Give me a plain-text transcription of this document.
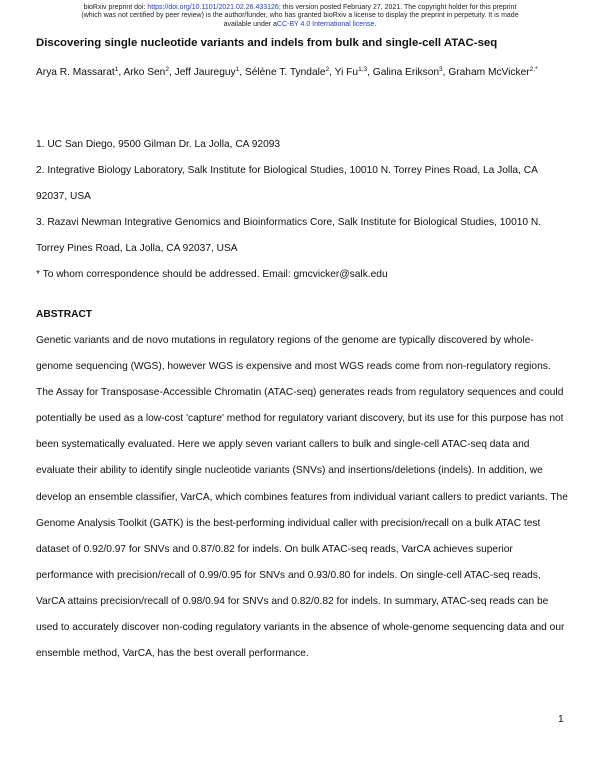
bioRxiv preprint doi: https://doi.org/10.1101/2021.02.26.433126; this version posted February 27, 2021. The copyright holder for this preprint
(which was not certified by peer review) is the author/funder, who has granted bioRxiv a license to display the preprint in perpetuity. It is made
available under aCC-BY 4.0 International license.
Discovering single nucleotide variants and indels from bulk and single-cell ATAC-seq
Arya R. Massarat$^1$, Arko Sen$^2$, Jeff Jaureguy$^1$, Sélène T. Tyndale$^2$, Yi Fu$^{1,3}$, Galina Erikson$^3$, Graham McVicker$^{2,*}$
1. UC San Diego, 9500 Gilman Dr. La Jolla, CA 92093
2. Integrative Biology Laboratory, Salk Institute for Biological Studies, 10010 N. Torrey Pines Road, La Jolla, CA 92037, USA
3. Razavi Newman Integrative Genomics and Bioinformatics Core, Salk Institute for Biological Studies, 10010 N. Torrey Pines Road, La Jolla, CA 92037, USA
* To whom correspondence should be addressed. Email: gmcvicker@salk.edu
ABSTRACT

Genetic variants and de novo mutations in regulatory regions of the genome are typically discovered by whole-genome sequencing (WGS), however WGS is expensive and most WGS reads come from non-regulatory regions. The Assay for Transposase-Accessible Chromatin (ATAC-seq) generates reads from regulatory sequences and could potentially be used as a low-cost 'capture' method for regulatory variant discovery, but its use for this purpose has not been systematically evaluated. Here we apply seven variant callers to bulk and single-cell ATAC-seq data and evaluate their ability to identify single nucleotide variants (SNVs) and insertions/deletions (indels). In addition, we develop an ensemble classifier, VarCA, which combines features from individual variant callers to predict variants. The Genome Analysis Toolkit (GATK) is the best-performing individual caller with precision/recall on a bulk ATAC test dataset of 0.92/0.97 for SNVs and 0.87/0.82 for indels. On bulk ATAC-seq reads, VarCA achieves superior performance with precision/recall of 0.99/0.95 for SNVs and 0.93/0.80 for indels. On single-cell ATAC-seq reads, VarCA attains precision/recall of 0.98/0.94 for SNVs and 0.82/0.82 for indels. In summary, ATAC-seq reads can be used to accurately discover non-coding regulatory variants in the absence of whole-genome sequencing data and our ensemble method, VarCA, has the best overall performance.

1
